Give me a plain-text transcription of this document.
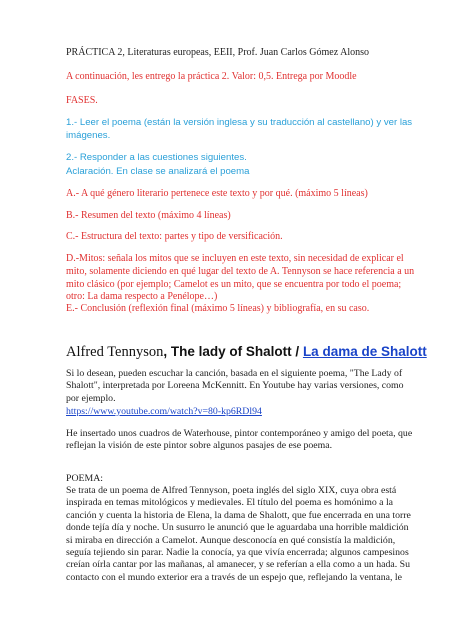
PRÁCTICA 2, Literaturas europeas, EEII, Prof. Juan Carlos Gómez Alonso

A continuación, les entrego la práctica 2. Valor: 0,5. Entrega por Moodle

FASES.

1.- Leer el poema (están la versión inglesa y su traducción al castellano) y ver las imágenes.

2.- Responder a las cuestiones siguientes.

Aclaración. En clase se analizará el poema

A.- A qué género literario pertenece este texto y por qué. (máximo 5 líneas)

B.- Resumen del texto (máximo 4 líneas)

C.- Estructura del texto: partes y tipo de versificación.

D.-Mitos: señala los mitos que se incluyen en este texto, sin necesidad de explicar el mito, solamente diciendo en qué lugar del texto de A. Tennyson se hace referencia a un mito clásico (por ejemplo; Camelot es un mito, que se encuentra por todo el poema; otro: La dama respecto a Penélope…)

E.- Conclusión (reflexión final (máximo 5 líneas) y bibliografía, en su caso.

Alfred Tennyson, The lady of Shalott / La dama de Shalott

Si lo desean, pueden escuchar la canción, basada en el siguiente poema, "The Lady of Shalott", interpretada por Loreena McKennitt. En Youtube hay varias versiones, como por ejemplo.

https://www.youtube.com/watch?v=80-kp6RDl94

He insertado unos cuadros de Waterhouse, pintor contemporáneo y amigo del poeta, que reflejan la visión de este pintor sobre algunos pasajes de ese poema.

POEMA:

Se trata de un poema de Alfred Tennyson, poeta inglés del siglo XIX, cuya obra está inspirada en temas mitológicos y medievales. El título del poema es homónimo a la canción y cuenta la historia de Elena, la dama de Shalott, que fue encerrada en una torre donde tejía día y noche. Un susurro le anunció que le aguardaba una horrible maldición si miraba en dirección a Camelot. Aunque desconocía en qué consistía la maldición, seguía tejiendo sin parar. Nadie la conocía, ya que vivía encerrada; algunos campesinos creían oírla cantar por las mañanas, al amanecer, y se referían a ella como a un hada. Su contacto con el mundo exterior era a través de un espejo que, reflejando la ventana, le
